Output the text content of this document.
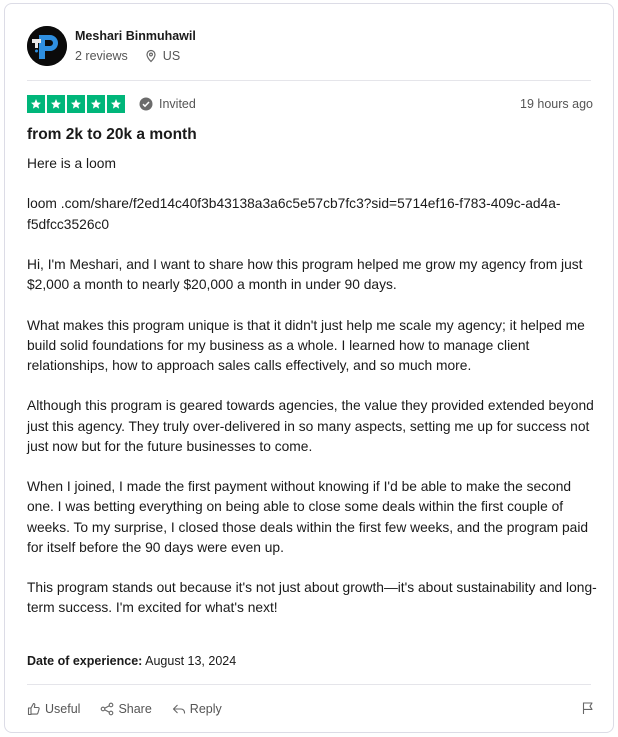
Meshari Binmuhawil
2 reviews	US
Invited	19 hours ago
from 2k to 20k a month

Here is a loom

loom .com/share/f2ed14c40f3b43138a3a6c5e57cb7fc3?sid=5714ef16-f783-409c-ad4a-f5dfcc3526c0

Hi, I'm Meshari, and I want to share how this program helped me grow my agency from just $2,000 a month to nearly $20,000 a month in under 90 days.

What makes this program unique is that it didn't just help me scale my agency; it helped me build solid foundations for my business as a whole. I learned how to manage client relationships, how to approach sales calls effectively, and so much more.

Although this program is geared towards agencies, the value they provided extended beyond just this agency. They truly over-delivered in so many aspects, setting me up for success not just now but for the future businesses to come.

When I joined, I made the first payment without knowing if I'd be able to make the second one. I was betting everything on being able to close some deals within the first couple of weeks. To my surprise, I closed those deals within the first few weeks, and the program paid for itself before the 90 days were even up.

This program stands out because it's not just about growth—it's about sustainability and long-term success. I'm excited for what's next!

Date of experience: August 13, 2024
Useful	Share	Reply
